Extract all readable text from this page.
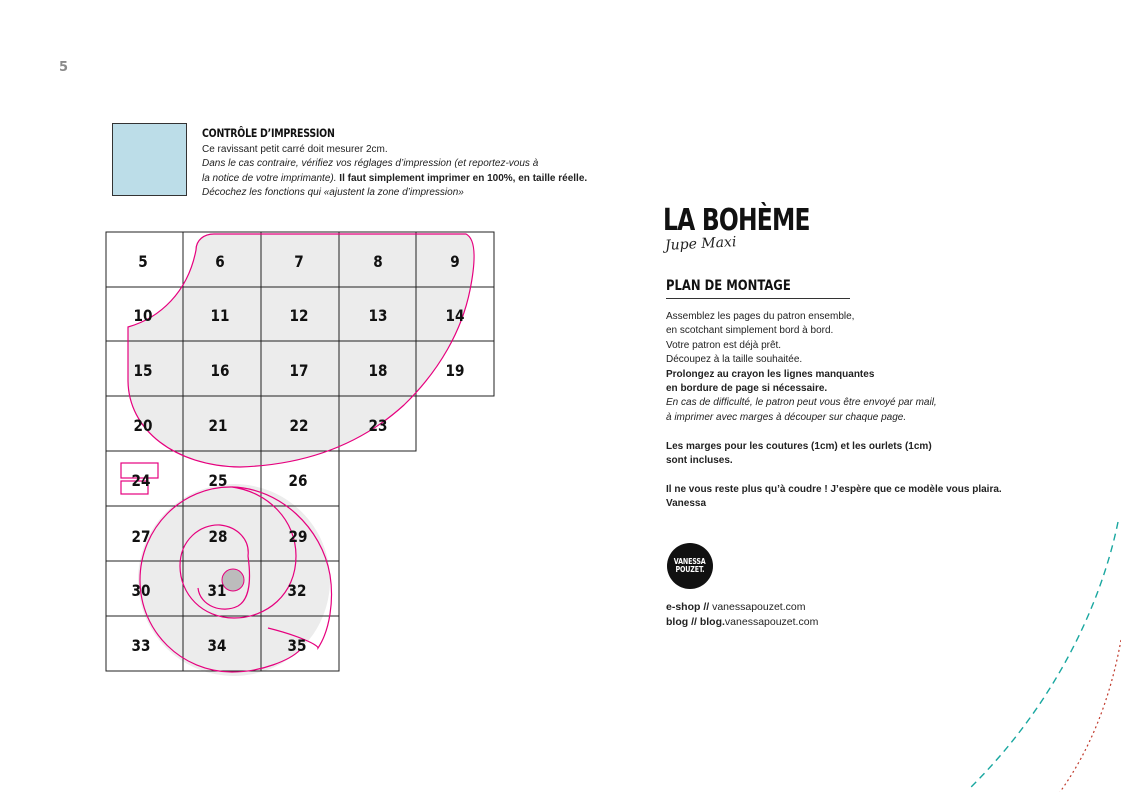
5
CONTRÔLE D’IMPRESSION
Ce ravissant petit carré doit mesurer 2cm.
Dans le cas contraire, vérifiez vos réglages d’impression (et reportez-vous à
la notice de votre imprimante). Il faut simplement imprimer en 100%, en taille réelle.
Décochez les fonctions qui «ajustent la zone d’impression»
5	6	7	8	9
10	11	12	13	14
15	16	17	18	19
20	21	22	23
24	25	26
27	28	29
30	31	32
33	34	35
LA BOHÈME
Jupe Maxi
PLAN DE MONTAGE
Assemblez les pages du patron ensemble,
en scotchant simplement bord à bord.
Votre patron est déjà prêt.
Découpez à la taille souhaitée.
Prolongez au crayon les lignes manquantes
en bordure de page si nécessaire.
En cas de difficulté, le patron peut vous être envoyé par mail,
à imprimer avec marges à découper sur chaque page.
Les marges pour les coutures (1cm) et les ourlets (1cm)
sont incluses.
Il ne vous reste plus qu’à coudre ! J’espère que ce modèle vous plaira.
Vanessa
VANESSA
POUZET.
e-shop // vanessapouzet.com
blog // blog.vanessapouzet.com
